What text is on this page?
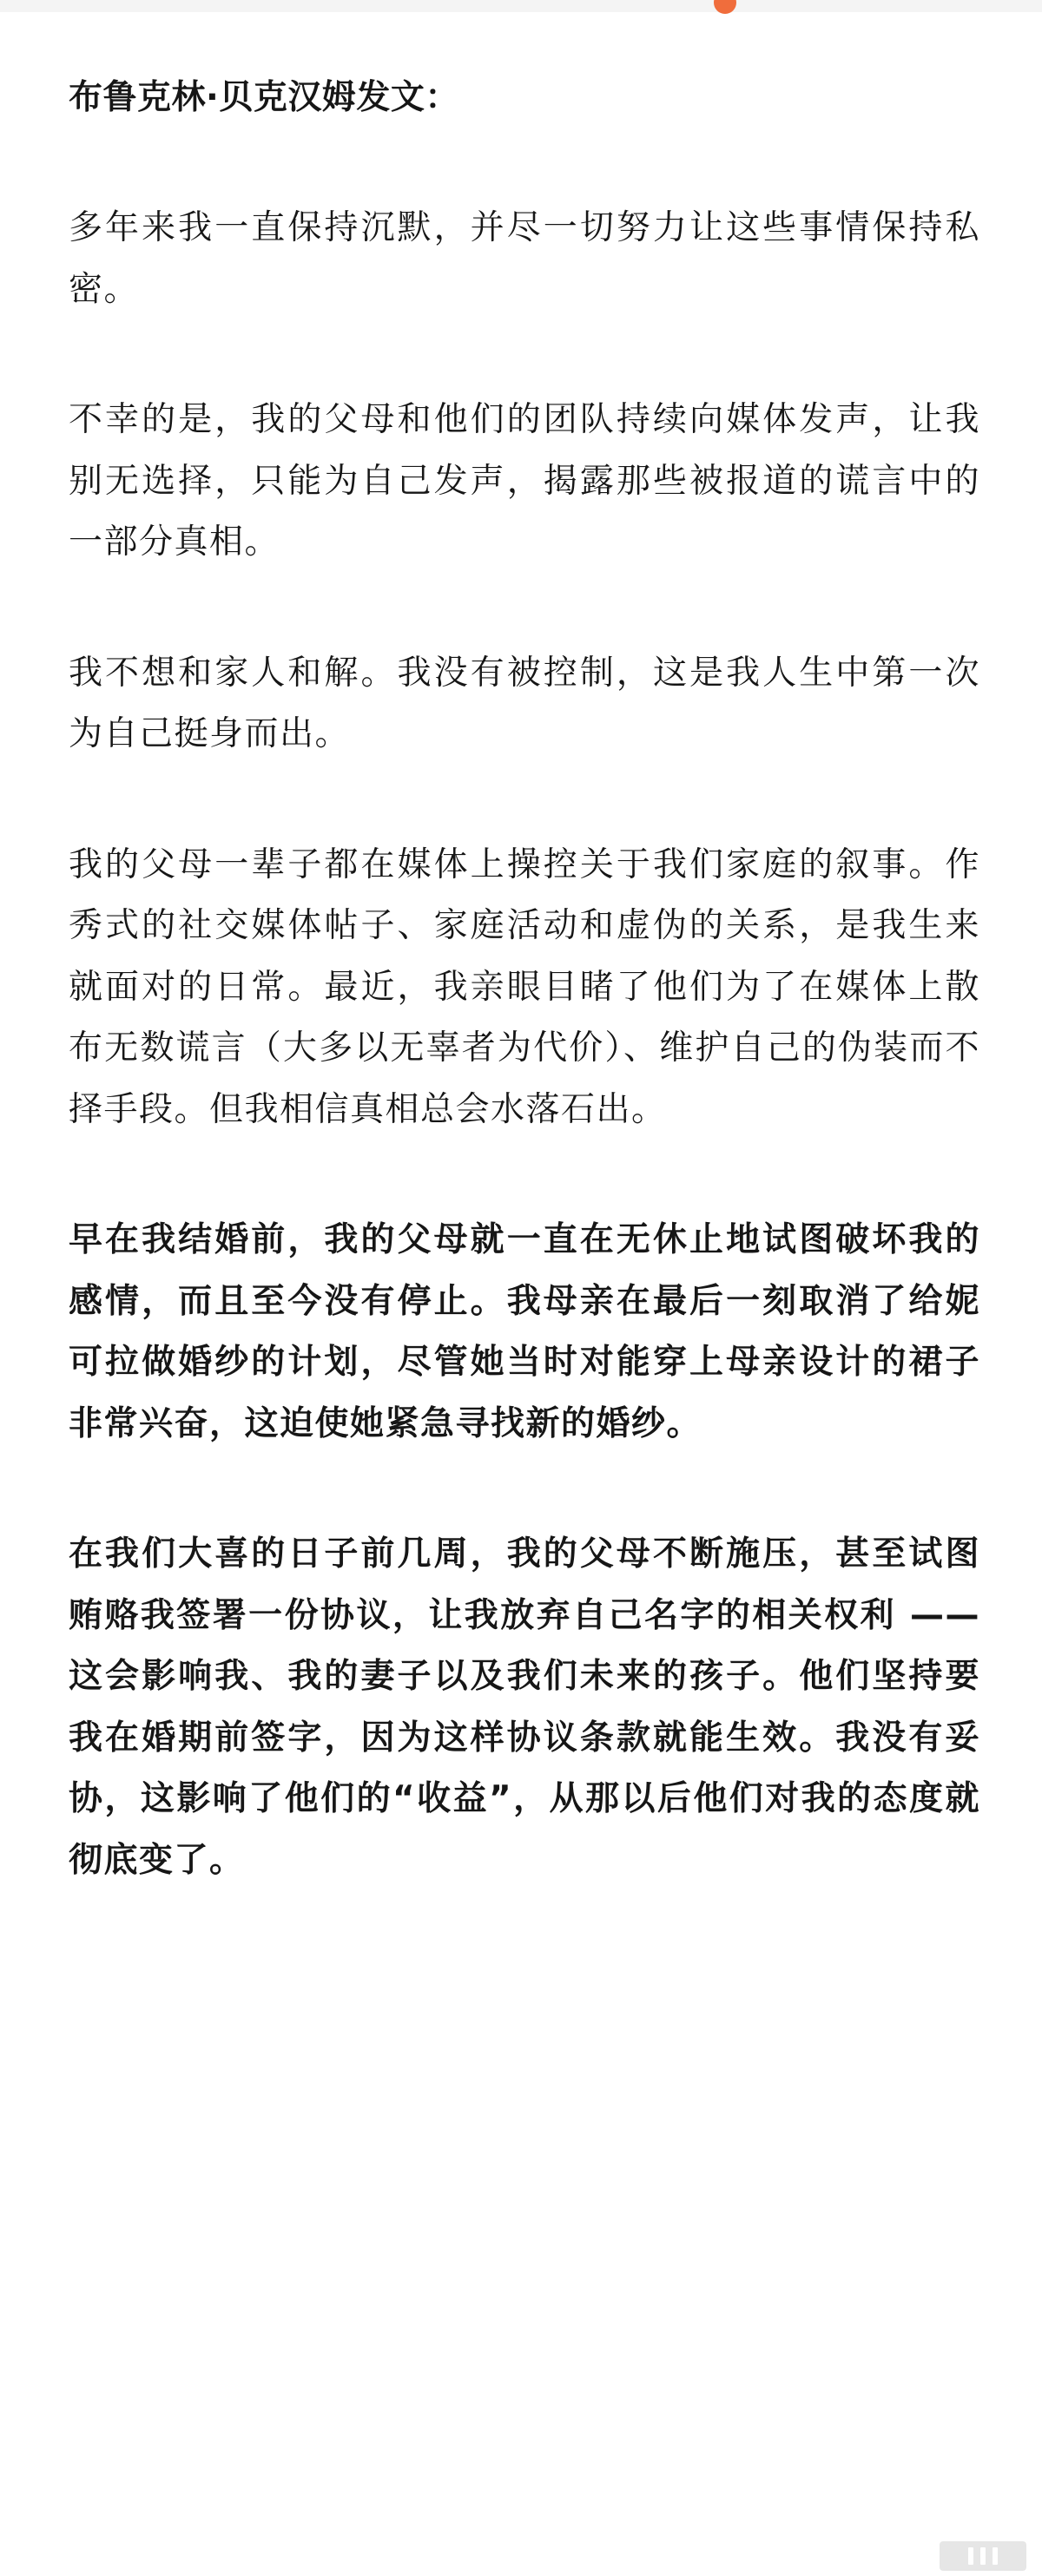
布鲁克林·贝克汉姆发文：

多年来我一直保持沉默，并尽一切努力让这些事情保持私密。

不幸的是，我的父母和他们的团队持续向媒体发声，让我别无选择，只能为自己发声，揭露那些被报道的谎言中的一部分真相。

我不想和家人和解。我没有被控制，这是我人生中第一次为自己挺身而出。

我的父母一辈子都在媒体上操控关于我们家庭的叙事。作秀式的社交媒体帖子、家庭活动和虚伪的关系，是我生来就面对的日常。最近，我亲眼目睹了他们为了在媒体上散布无数谎言（大多以无辜者为代价）、维护自己的伪装而不择手段。但我相信真相总会水落石出。

早在我结婚前，我的父母就一直在无休止地试图破坏我的感情，而且至今没有停止。我母亲在最后一刻取消了给妮可拉做婚纱的计划，尽管她当时对能穿上母亲设计的裙子非常兴奋，这迫使她紧急寻找新的婚纱。

在我们大喜的日子前几周，我的父母不断施压，甚至试图贿赂我签署一份协议，让我放弃自己名字的相关权利 —— 这会影响我、我的妻子以及我们未来的孩子。他们坚持要我在婚期前签字，因为这样协议条款就能生效。我没有妥协，这影响了他们的“收益”，从那以后他们对我的态度就彻底变了。
